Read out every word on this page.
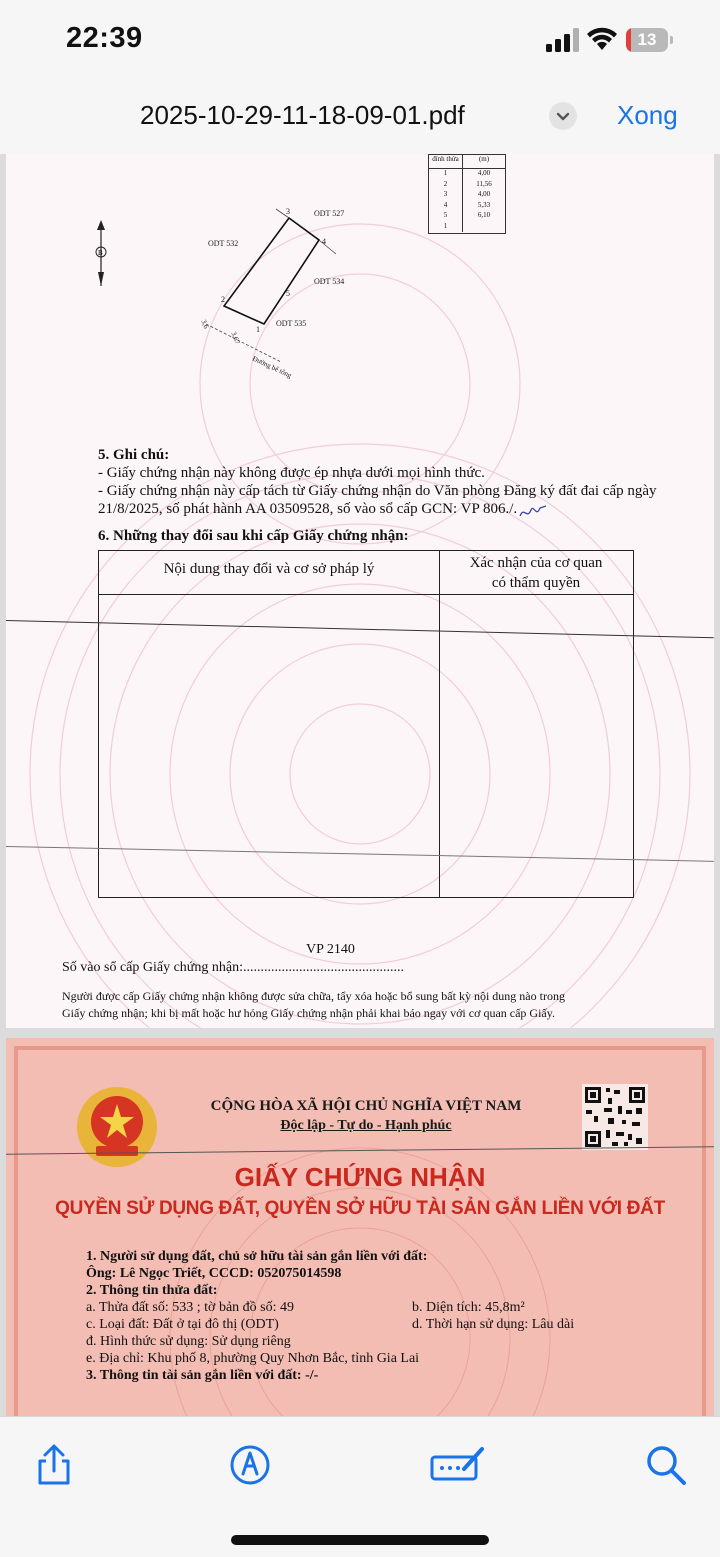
22:39	13
2025-10-29-11-18-09-01.pdf	Xong
đỉnh thửa	(m)
1	4,00
2	11,56
3	4,00
4	5,33
5	6,10
1
B
3
4
5
2
1
ODT 527
ODT 532
ODT 534
ODT 535
3,6
3,67
Đường bê tông
5. Ghi chú:
- Giấy chứng nhận này không được ép nhựa dưới mọi hình thức.
- Giấy chứng nhận này cấp tách từ Giấy chứng nhận do Văn phòng Đăng ký đất đai cấp ngày
21/8/2025, số phát hành AA 03509528, số vào sổ cấp GCN: VP 806./.
6. Những thay đổi sau khi cấp Giấy chứng nhận:
Nội dung thay đổi và cơ sở pháp lý	Xác nhận của cơ quan
có thẩm quyền
VP 2140
Số vào sổ cấp Giấy chứng nhận:..............................................
Người được cấp Giấy chứng nhận không được sửa chữa, tẩy xóa hoặc bổ sung bất kỳ nội dung nào trong
Giấy chứng nhận; khi bị mất hoặc hư hỏng Giấy chứng nhận phải khai báo ngay với cơ quan cấp Giấy.
CỘNG HÒA XÃ HỘI CHỦ NGHĨA VIỆT NAM
Độc lập - Tự do - Hạnh phúc
GIẤY CHỨNG NHẬN
QUYỀN SỬ DỤNG ĐẤT, QUYỀN SỞ HỮU TÀI SẢN GẮN LIỀN VỚI ĐẤT
1. Người sử dụng đất, chủ sở hữu tài sản gắn liền với đất:
Ông: Lê Ngọc Triết, CCCD: 052075014598
2. Thông tin thửa đất:
a. Thửa đất số: 533 ; tờ bản đồ số: 49	b. Diện tích: 45,8m²
c. Loại đất: Đất ở tại đô thị (ODT)	d. Thời hạn sử dụng: Lâu dài
đ. Hình thức sử dụng: Sử dụng riêng
e. Địa chỉ: Khu phố 8, phường Quy Nhơn Bắc, tỉnh Gia Lai
3. Thông tin tài sản gắn liền với đất: -/-
